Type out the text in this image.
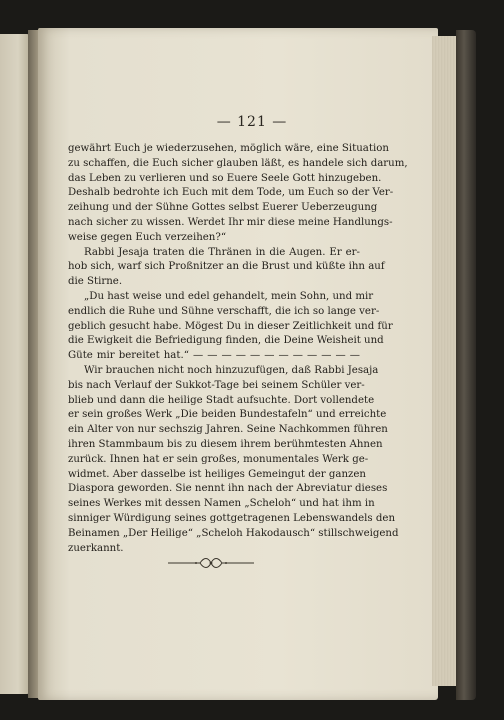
— 121 —
gewährt Euch je wiederzusehen, möglich wäre, eine Situation
zu schaffen, die Euch sicher glauben läßt, es handele sich darum,
das Leben zu verlieren und so Euere Seele Gott hinzugeben.
Deshalb bedrohte ich Euch mit dem Tode, um Euch so der Ver-
zeihung und der Sühne Gottes selbst Euerer Ueberzeugung
nach sicher zu wissen. Werdet Ihr mir diese meine Handlungs-
weise gegen Euch verzeihen?“
Rabbi Jesaja traten die Thränen in die Augen. Er er-
hob sich, warf sich Proßnitzer an die Brust und küßte ihn auf
die Stirne.
„Du hast weise und edel gehandelt, mein Sohn, und mir
endlich die Ruhe und Sühne verschafft, die ich so lange ver-
geblich gesucht habe. Mögest Du in dieser Zeitlichkeit und für
die Ewigkeit die Befriedigung finden, die Deine Weisheit und
Güte mir bereitet hat.“ — — — — — — — — — — — —
Wir brauchen nicht noch hinzuzufügen, daß Rabbi Jesaja
bis nach Verlauf der Sukkot-Tage bei seinem Schüler ver-
blieb und dann die heilige Stadt aufsuchte. Dort vollendete
er sein großes Werk „Die beiden Bundestafeln“ und erreichte
ein Alter von nur sechszig Jahren. Seine Nachkommen führen
ihren Stammbaum bis zu diesem ihrem berühmtesten Ahnen
zurück. Ihnen hat er sein großes, monumentales Werk ge-
widmet. Aber dasselbe ist heiliges Gemeingut der ganzen
Diaspora geworden. Sie nennt ihn nach der Abreviatur dieses
seines Werkes mit dessen Namen „Scheloh“ und hat ihm in
sinniger Würdigung seines gottgetragenen Lebenswandels den
Beinamen „Der Heilige“ „Scheloh Hakodausch“ stillschweigend
zuerkannt.
